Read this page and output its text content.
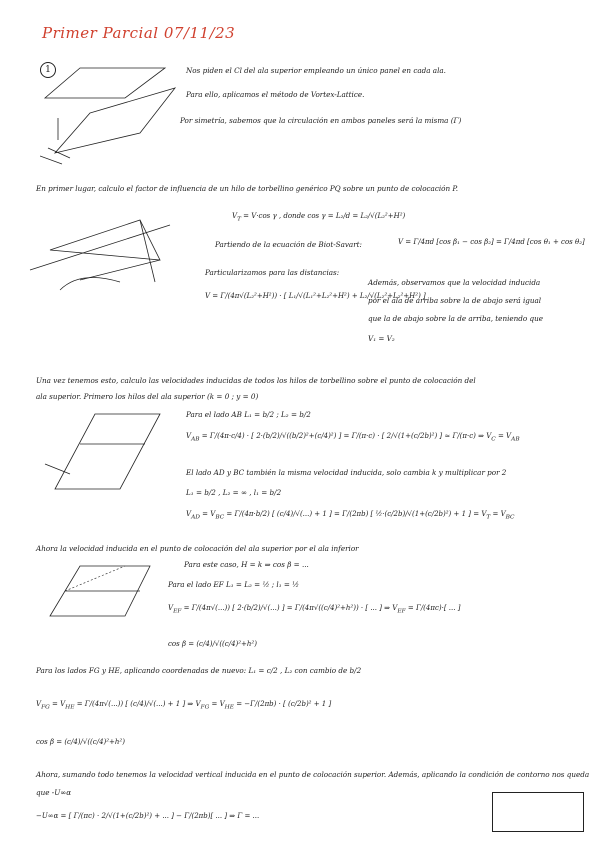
Primer Parcial 07/11/23
1	Nos piden el Cl del ala superior empleando un único panel en cada ala.
Para ello, aplicamos el método de Vortex-Lattice.
Por simetría, sabemos que la circulación en ambos paneles será la misma (Γ)
En primer lugar, calculo el factor de influencia de un hilo de torbellino genérico PQ sobre un punto de colocación P.
$V_T = V\cdot\cos$ γ , donde cos γ = L₂/d = L₂/√(L₂²+H²)
Partiendo de la ecuación de Biot-Savart:	V = Γ/4πd [cos β₁ − cos β₂] = Γ/4πd [cos θ₁ + cos θ₂]
Particularizamos para las distancias:
V = Γ/(4π√(L₂²+H²)) · [ L₁/√(L₁²+L₂²+H²) + L₂/√(L₂²+L₂²+H²) ]
Además, observamos que la velocidad inducida
por el ala de arriba sobre la de abajo será igual
que la de abajo sobre la de arriba, teniendo que
V₁ = V₂
Una vez tenemos esto, calculo las velocidades inducidas de todos los hilos de torbellino sobre el punto de colocación del
ala superior. Primero los hilos del ala superior (k = 0 ; y = 0)
Para el lado AB L₁ = b/2 ; L₂ = b/2
$V_{AB} = \Gamma/(4\pi\cdot c/4)$ · [ 2·(b/2)/√((b/2)²+(c/4)²) ] = Γ/(π·c) · [ 2/√(1+(c/2b)²) ] ≈ Γ/(π·c) ⇒ $V_C = V_{AB}$
El lado AD y BC también la misma velocidad inducida, solo cambia k y multiplicar por 2
L₁ = b/2 , L₂ = ∞ , l₁ = b/2
$V_{AD} = V_{BC} = \Gamma/(4\pi\cdot b/2)$ [ (c/4)/√(...) + 1 ] = Γ/(2πb) [ ½·(c/2b)/√(1+(c/2b)²) + 1 ] = $V_T = V_{BC}$
Ahora la velocidad inducida en el punto de colocación del ala superior por el ala inferior
Para este caso, H = k ⇒ cos β = ...
Para el lado EF L₁ = L₂ = ½ ; l₁ = ½
$V_{EF} = \Gamma/(4\pi√(...))$ [ 2·(b/2)/√(...) ] = Γ/(4π√((c/4)²+h²)) · [ ... ] ⇒ $V_{EF} = \Gamma/(4\pi c)\cdot$[ ... ]
cos β = (c/4)/√((c/4)²+h²)
Para los lados FG y HE, aplicando coordenadas de nuevo: L₁ = c/2 , L₂ con cambio de b/2
$V_{FG} = V_{HE} = \Gamma/(4\pi√(...))$ [ (c/4)/√(...) + 1 ] ⇒ $V_{FG} = V_{HE} = -\Gamma/(2\pi b)$ · [ (c/2b)² + 1 ]
cos β = (c/4)/√((c/4)²+h²)
Ahora, sumando todo tenemos la velocidad vertical inducida en el punto de colocación superior. Además, aplicando la condición de contorno nos queda
que -U∞α
−U∞α = [ Γ/(πc) · 2/√(1+(c/2b)²) + ... ] − Γ/(2πb)[ ... ] ⇒ Γ = ...
